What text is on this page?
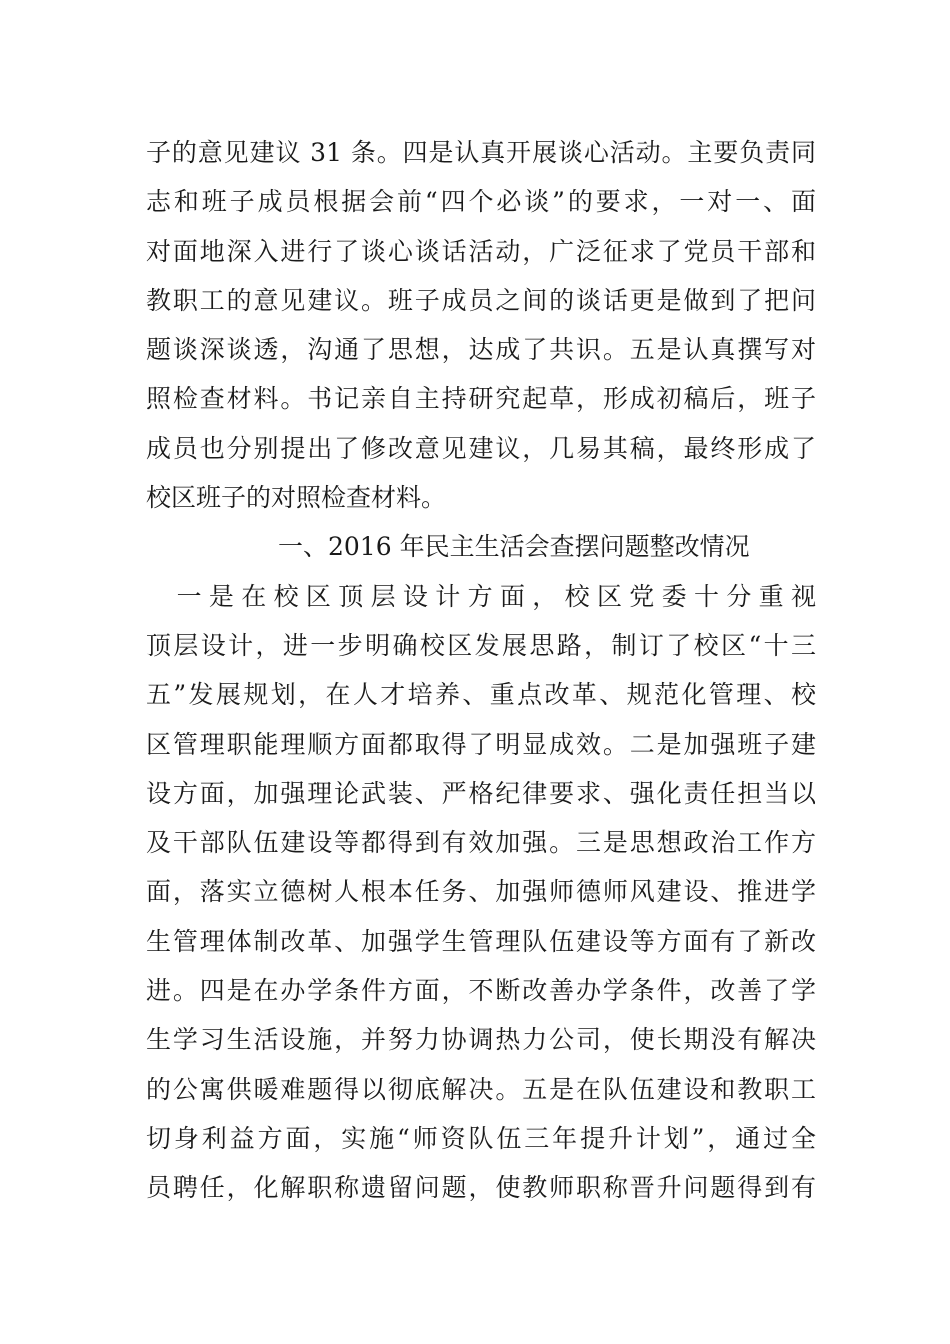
子的意见建议 31 条。四是认真开展谈心活动。主要负责同
志和班子成员根据会前“四个必谈”的要求，一对一、面
对面地深入进行了谈心谈话活动，广泛征求了党员干部和
教职工的意见建议。班子成员之间的谈话更是做到了把问
题谈深谈透，沟通了思想，达成了共识。五是认真撰写对
照检查材料。书记亲自主持研究起草，形成初稿后，班子
成员也分别提出了修改意见建议，几易其稿，最终形成了
校区班子的对照检查材料。
一、2016 年民主生活会查摆问题整改情况
一是在校区顶层设计方面，校区党委十分重视
顶层设计，进一步明确校区发展思路，制订了校区“十三
五”发展规划，在人才培养、重点改革、规范化管理、校
区管理职能理顺方面都取得了明显成效。二是加强班子建
设方面，加强理论武装、严格纪律要求、强化责任担当以
及干部队伍建设等都得到有效加强。三是思想政治工作方
面，落实立德树人根本任务、加强师德师风建设、推进学
生管理体制改革、加强学生管理队伍建设等方面有了新改
进。四是在办学条件方面，不断改善办学条件，改善了学
生学习生活设施，并努力协调热力公司，使长期没有解决
的公寓供暖难题得以彻底解决。五是在队伍建设和教职工
切身利益方面，实施“师资队伍三年提升计划”，通过全
员聘任，化解职称遗留问题，使教师职称晋升问题得到有
